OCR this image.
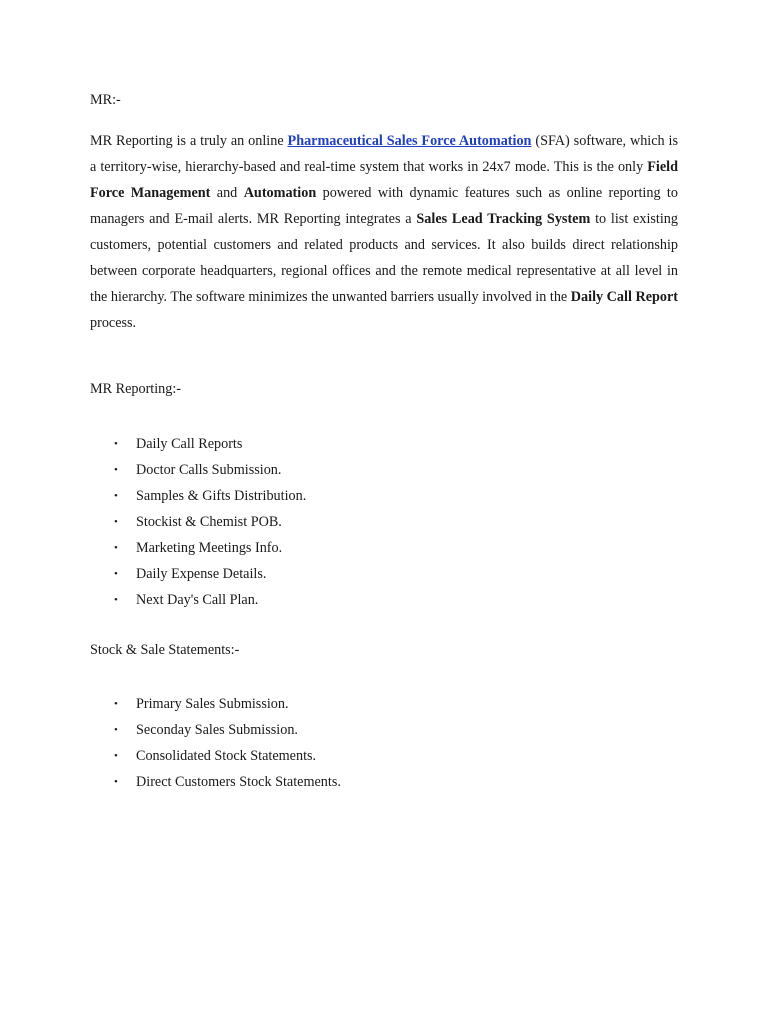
MR:-

MR Reporting is a truly an online Pharmaceutical Sales Force Automation (SFA) software, which is a territory-wise, hierarchy-based and real-time system that works in 24x7 mode. This is the only Field Force Management and Automation powered with dynamic features such as online reporting to managers and E-mail alerts. MR Reporting integrates a Sales Lead Tracking System to list existing customers, potential customers and related products and services. It also builds direct relationship between corporate headquarters, regional offices and the remote medical representative at all level in the hierarchy. The software minimizes the unwanted barriers usually involved in the Daily Call Report process.

MR Reporting:-

• Daily Call Reports
• Doctor Calls Submission.
• Samples & Gifts Distribution.
• Stockist & Chemist POB.
• Marketing Meetings Info.
• Daily Expense Details.
• Next Day's Call Plan.

Stock & Sale Statements:-

• Primary Sales Submission.
• Seconday Sales Submission.
• Consolidated Stock Statements.
• Direct Customers Stock Statements.
